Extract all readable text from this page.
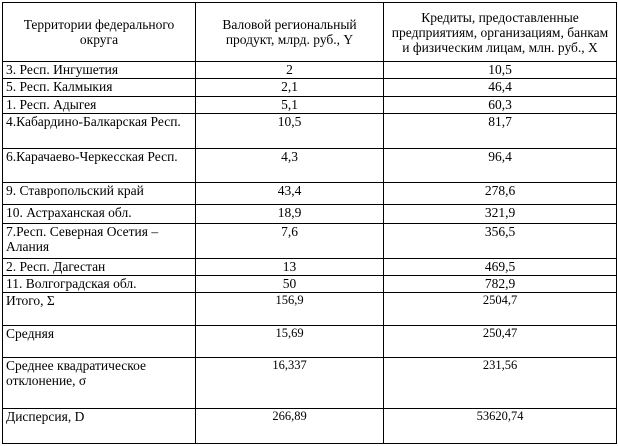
Территории федерального округа	Валовой региональный продукт, млрд. руб., Y	Кредиты, предоставленные предприятиям, организациям, банкам и физическим лицам, млн. руб., X
3. Респ. Ингушетия	2	10,5
5. Респ. Калмыкия	2,1	46,4
1. Респ. Адыгея	5,1	60,3
4.Кабардино-Балкарская Респ.	10,5	81,7
6.Карачаево-Черкесская Респ.	4,3	96,4
9. Ставропольский край	43,4	278,6
10. Астраханская обл.	18,9	321,9
7.Респ. Северная Осетия – Алания	7,6	356,5
2. Респ. Дагестан	13	469,5
11. Волгоградская обл.	50	782,9
Итого, Σ	156,9	2504,7
Средняя	15,69	250,47
Среднее квадратическое отклонение, σ	16,337	231,56
Дисперсия, D	266,89	53620,74
